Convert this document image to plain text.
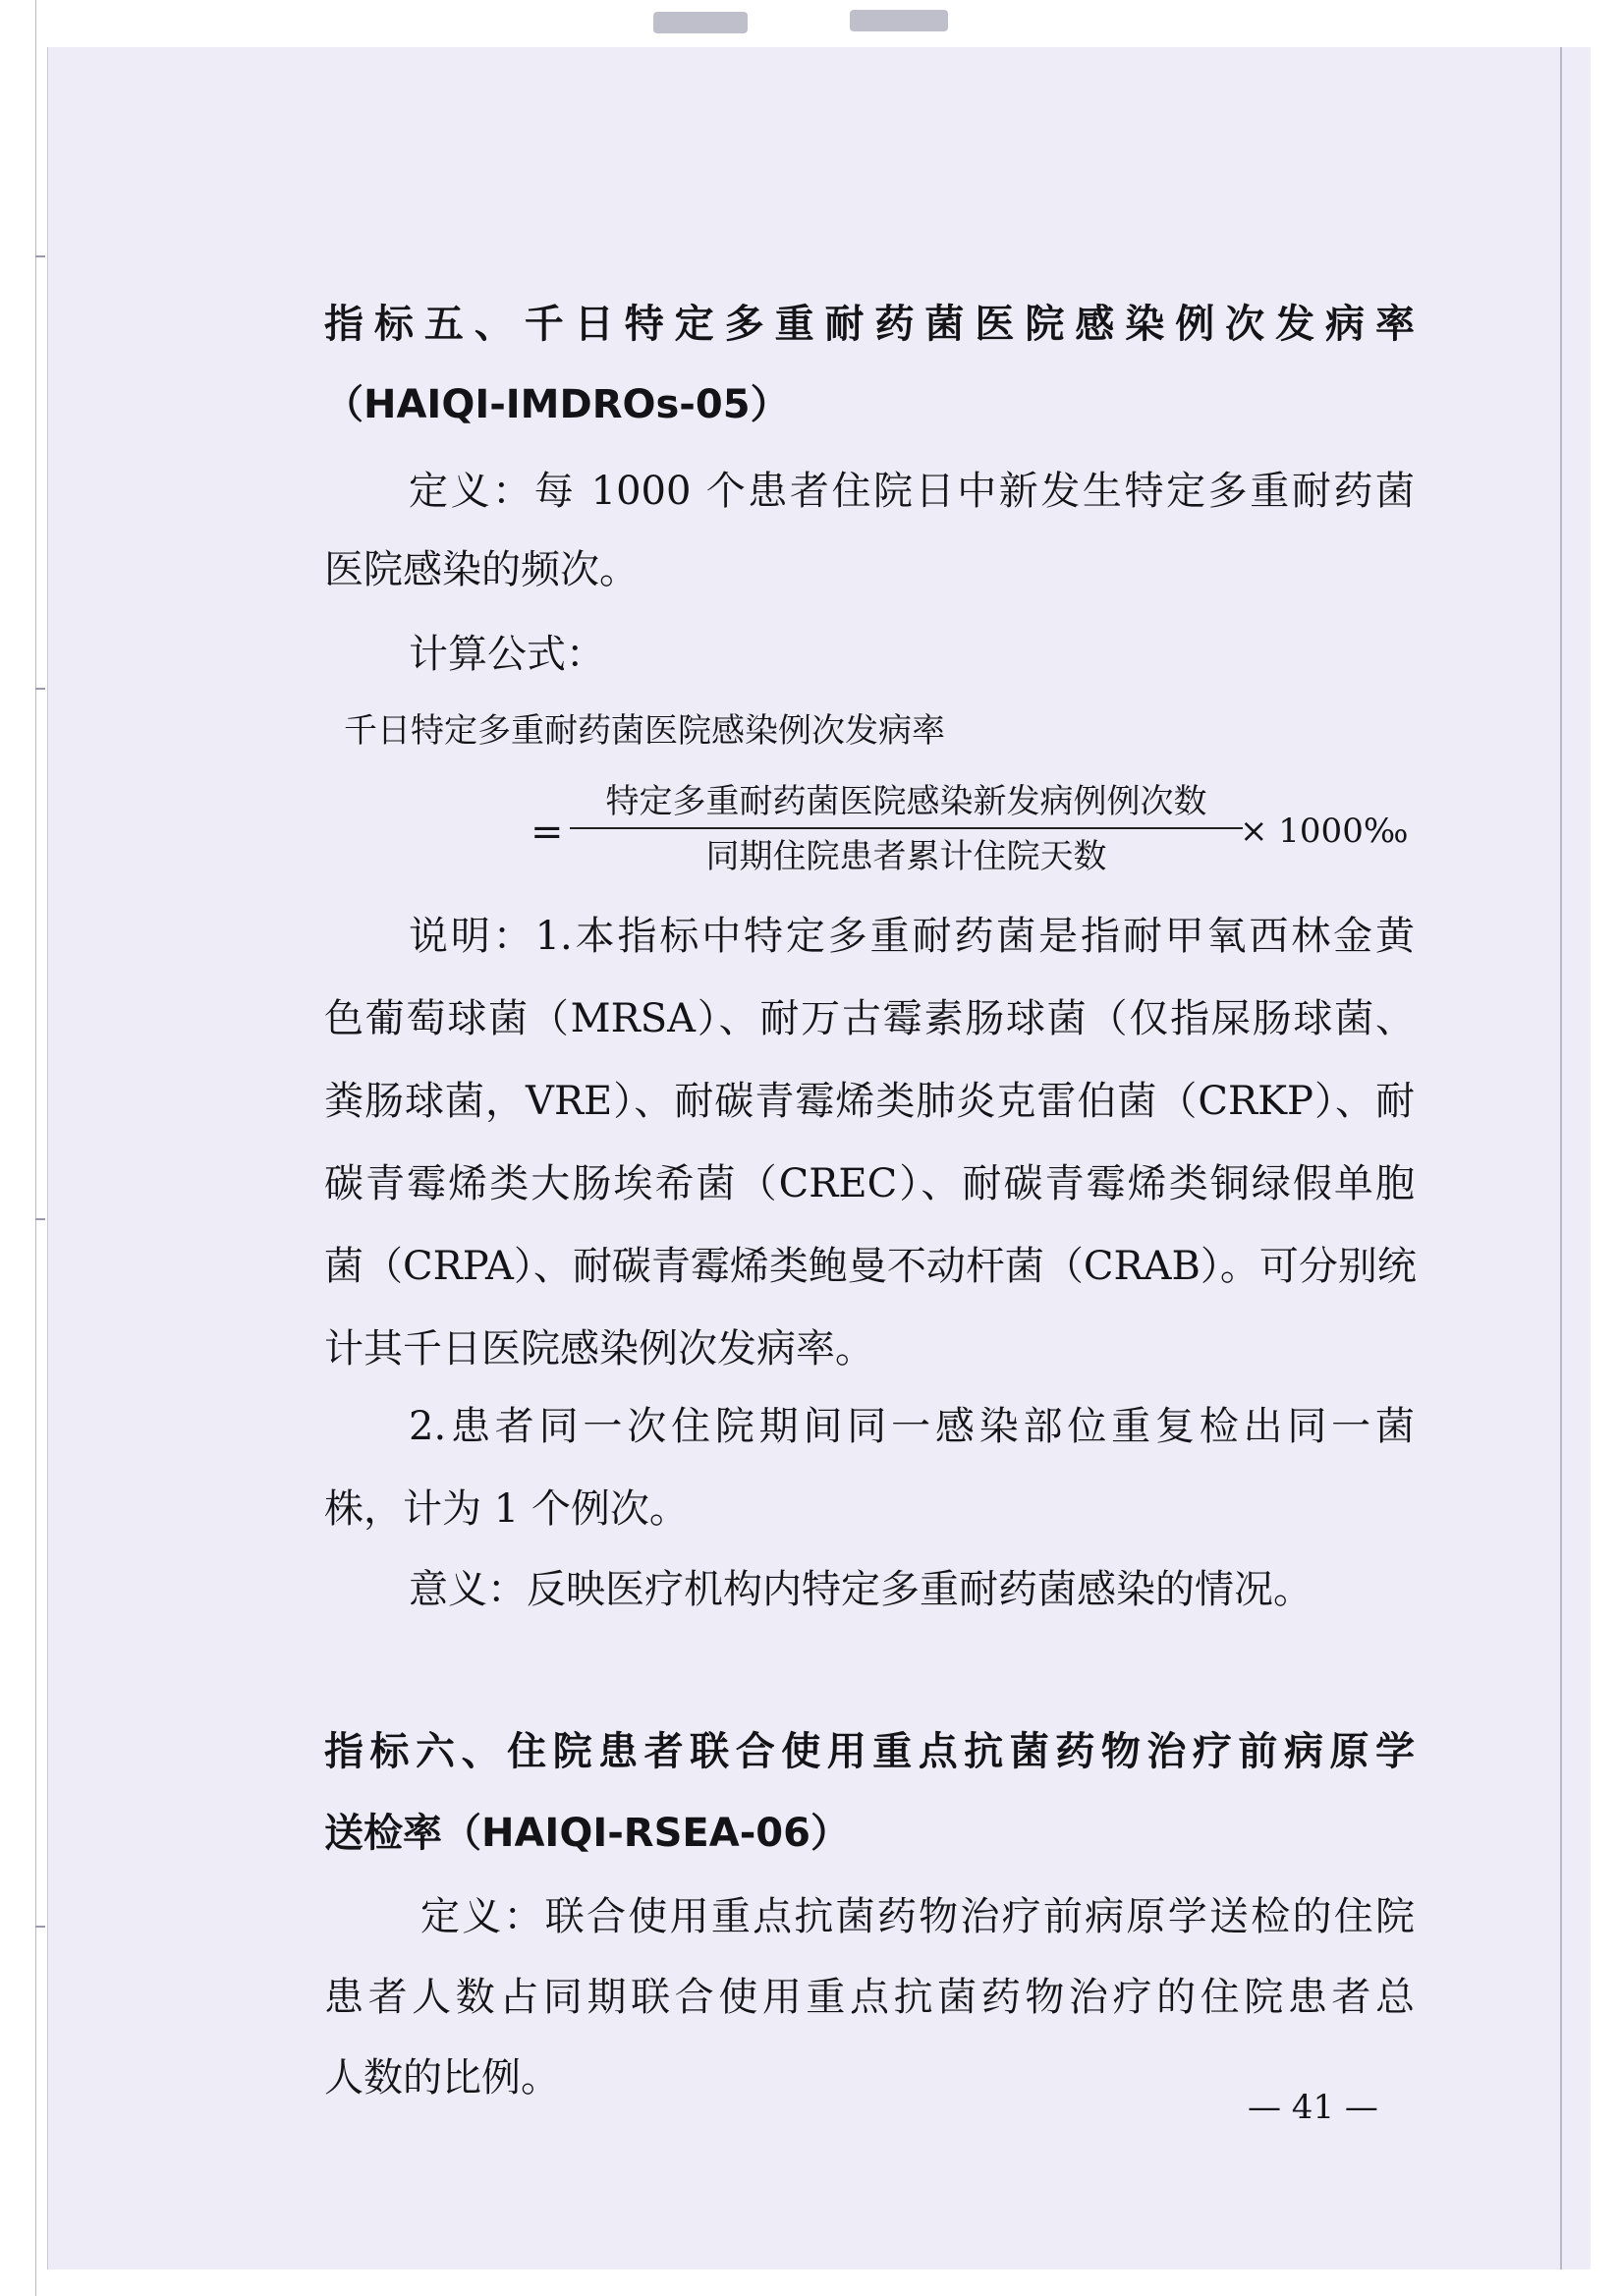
指标五、千日特定多重耐药菌医院感染例次发病率
（HAIQI-IMDROs-05）
定义：每 1000 个患者住院日中新发生特定多重耐药菌
医院感染的频次。
计算公式：
千日特定多重耐药菌医院感染例次发病率
=
特定多重耐药菌医院感染新发病例例次数
同期住院患者累计住院天数
× 1000‰
说明：1.本指标中特定多重耐药菌是指耐甲氧西林金黄
色葡萄球菌（MRSA）、耐万古霉素肠球菌（仅指屎肠球菌、
粪肠球菌，VRE）、耐碳青霉烯类肺炎克雷伯菌（CRKP）、耐
碳青霉烯类大肠埃希菌（CREC）、耐碳青霉烯类铜绿假单胞
菌（CRPA）、耐碳青霉烯类鲍曼不动杆菌（CRAB）。可分别统
计其千日医院感染例次发病率。
2.患者同一次住院期间同一感染部位重复检出同一菌
株，计为 1 个例次。
意义：反映医疗机构内特定多重耐药菌感染的情况。
指标六、住院患者联合使用重点抗菌药物治疗前病原学
送检率（HAIQI-RSEA-06）
定义：联合使用重点抗菌药物治疗前病原学送检的住院
患者人数占同期联合使用重点抗菌药物治疗的住院患者总
人数的比例。
— 41 —
